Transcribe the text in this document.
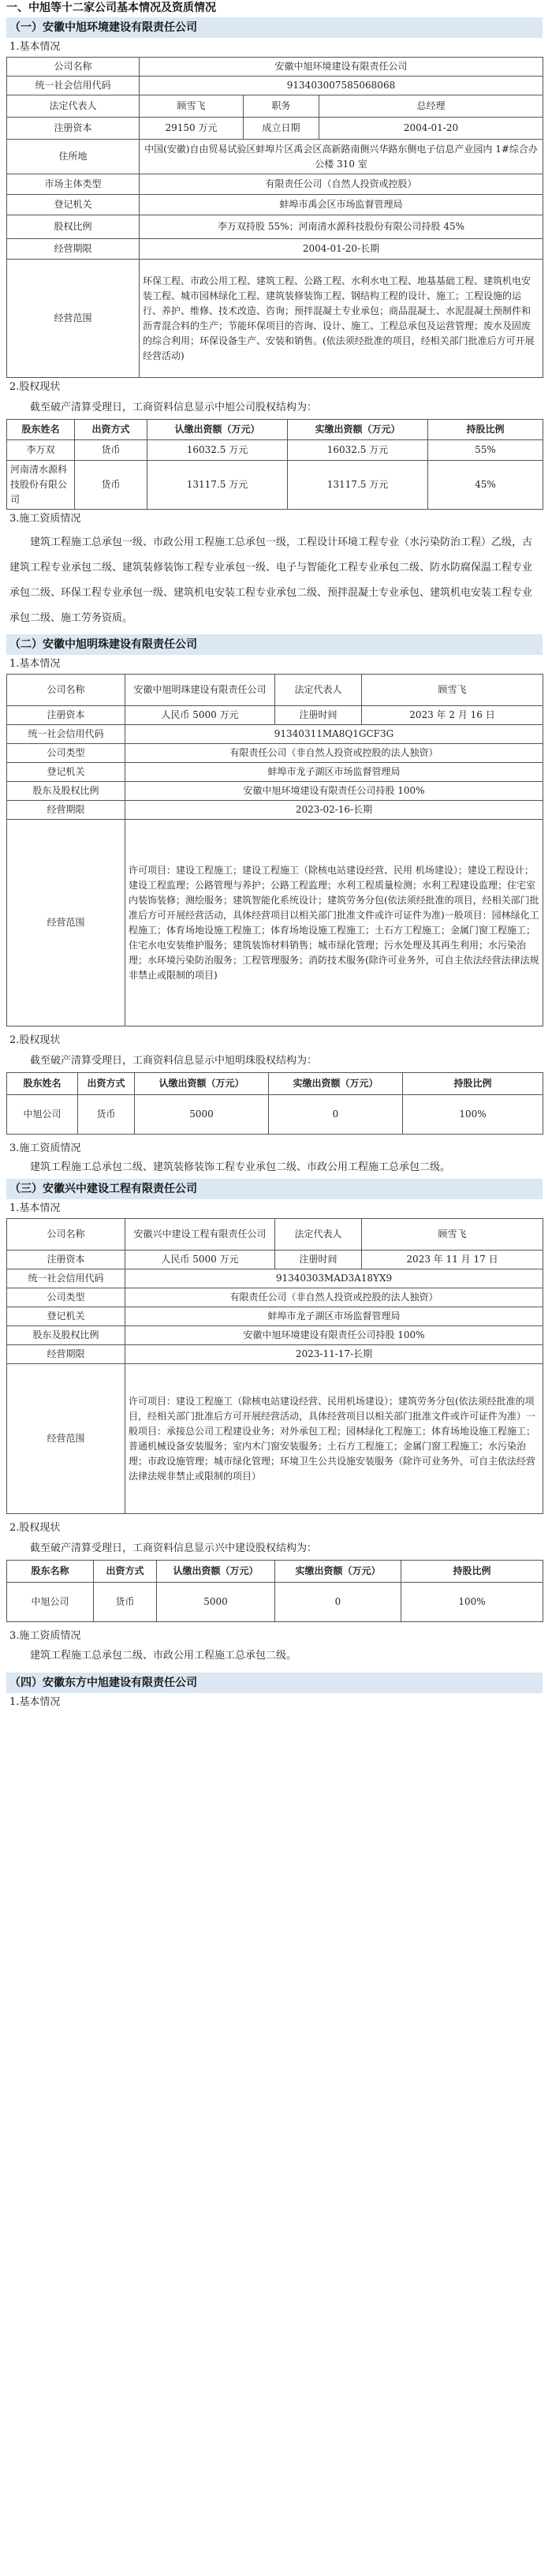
一、中旭等十二家公司基本情况及资质情况
（一）安徽中旭环境建设有限责任公司
1.基本情况
公司名称	安徽中旭环境建设有限责任公司		
统一社会信用代码	913403007585068068		
法定代表人	顾雪飞	职务	总经理
注册资本	29150 万元	成立日期	2004-01-20
住所地	中国(安徽)自由贸易试验区蚌埠片区禹会区高新路南侧兴华路东侧电子信息产业园内 1#综合办公楼 310 室		
市场主体类型	有限责任公司（自然人投资或控股）		
登记机关	蚌埠市禹会区市场监督管理局		
股权比例	李万双持股 55%；河南清水源科技股份有限公司持股 45%		
经营期限	2004-01-20-长期		
经营范围	环保工程、市政公用工程、建筑工程、公路工程、水利水电工程、地基基础工程、建筑机电安装工程、城市园林绿化工程、建筑装修装饰工程、钢结构工程的设计、施工；工程设施的运行、养护、维修、技术改造、咨询；预拌混凝土专业承包；商品混凝土、水泥混凝土预制件和沥青混合料的生产；节能环保项目的咨询、设计、施工、工程总承包及运营管理；废水及固废的综合利用；环保设备生产、安装和销售。(依法须经批准的项目，经相关部门批准后方可开展经营活动)		
2.股权现状
截至破产清算受理日，工商资料信息显示中旭公司股权结构为：
股东姓名	出资方式	认缴出资额（万元）	实缴出资额（万元）	持股比例
李万双	货币	16032.5 万元	16032.5 万元	55%
河南清水源科技股份有限公司	货币	13117.5 万元	13117.5 万元	45%
3.施工资质情况
建筑工程施工总承包一级、市政公用工程施工总承包一级，工程设计环境工程专业（水污染防治工程）乙级，古建筑工程专业承包二级、建筑装修装饰工程专业承包一级、电子与智能化工程专业承包二级、防水防腐保温工程专业承包二级、环保工程专业承包一级、建筑机电安装工程专业承包二级、预拌混凝土专业承包、建筑机电安装工程专业承包二级、施工劳务资质。
（二）安徽中旭明珠建设有限责任公司
1.基本情况
公司名称	安徽中旭明珠建设有限责任公司	法定代表人	顾雪飞
注册资本	人民币 5000 万元	注册时间	2023 年 2 月 16 日
统一社会信用代码	91340311MA8Q1GCF3G		
公司类型	有限责任公司（非自然人投资或控股的法人独资）		
登记机关	蚌埠市龙子湖区市场监督管理局		
股东及股权比例	安徽中旭环境建设有限责任公司持股 100%		
经营期限	2023-02-16-长期		
经营范围	许可项目：建设工程施工；建设工程施工（除核电站建设经营、民用 机场建设）；建设工程设计；建设工程监理；公路管理与养护；公路工程监理；水利工程质量检测；水利工程建设监理；住宅室内装饰装修；测绘服务；建筑智能化系统设计；建筑劳务分包(依法须经批准的项目，经相关部门批准后方可开展经营活动，具体经营项目以相关部门批准文件或许可证件为准)一般项目：园林绿化工程施工；体育场地设施工程施工；体育场地设施工程施工；土石方工程施工；金属门窗工程施工；住宅水电安装维护服务；建筑装饰材料销售；城市绿化管理；污水处理及其再生利用；水污染治理；水环境污染防治服务；工程管理服务；消防技术服务(除许可业务外，可自主依法经营法律法规非禁止或限制的项目)		
2.股权现状
截至破产清算受理日，工商资料信息显示中旭明珠股权结构为：
股东姓名	出资方式	认缴出资额（万元）	实缴出资额（万元）	持股比例
中旭公司	货币	5000	0	100%
3.施工资质情况
建筑工程施工总承包二级、建筑装修装饰工程专业承包二级、市政公用工程施工总承包二级。
（三）安徽兴中建设工程有限责任公司
1.基本情况
公司名称	安徽兴中建设工程有限责任公司	法定代表人	顾雪飞
注册资本	人民币 5000 万元	注册时间	2023 年 11 月 17 日
统一社会信用代码	91340303MAD3A18YX9		
公司类型	有限责任公司（非自然人投资或控股的法人独资）		
登记机关	蚌埠市龙子湖区市场监督管理局		
股东及股权比例	安徽中旭环境建设有限责任公司持股 100%		
经营期限	2023-11-17-长期		
经营范围	许可项目：建设工程施工（除核电站建设经营、民用机场建设）；建筑劳务分包(依法须经批准的项目，经相关部门批准后方可开展经营活动，具体经营项目以相关部门批准文件或许可证件为准）一般项目：承接总公司工程建设业务；对外承包工程；园林绿化工程施工；体育场地设施工程施工；普通机械设备安装服务；室内木门窗安装服务；土石方工程施工；金属门窗工程施工；水污染治理；市政设施管理；城市绿化管理；环境卫生公共设施安装服务（除许可业务外，可自主依法经营法律法规非禁止或限制的项目）		
2.股权现状
截至破产清算受理日，工商资料信息显示兴中建设股权结构为：
股东名称	出资方式	认缴出资额（万元）	实缴出资额（万元）	持股比例
中旭公司	货币	5000	0	100%
3.施工资质情况
建筑工程施工总承包二级、市政公用工程施工总承包二级。
（四）安徽东方中旭建设有限责任公司
1.基本情况
